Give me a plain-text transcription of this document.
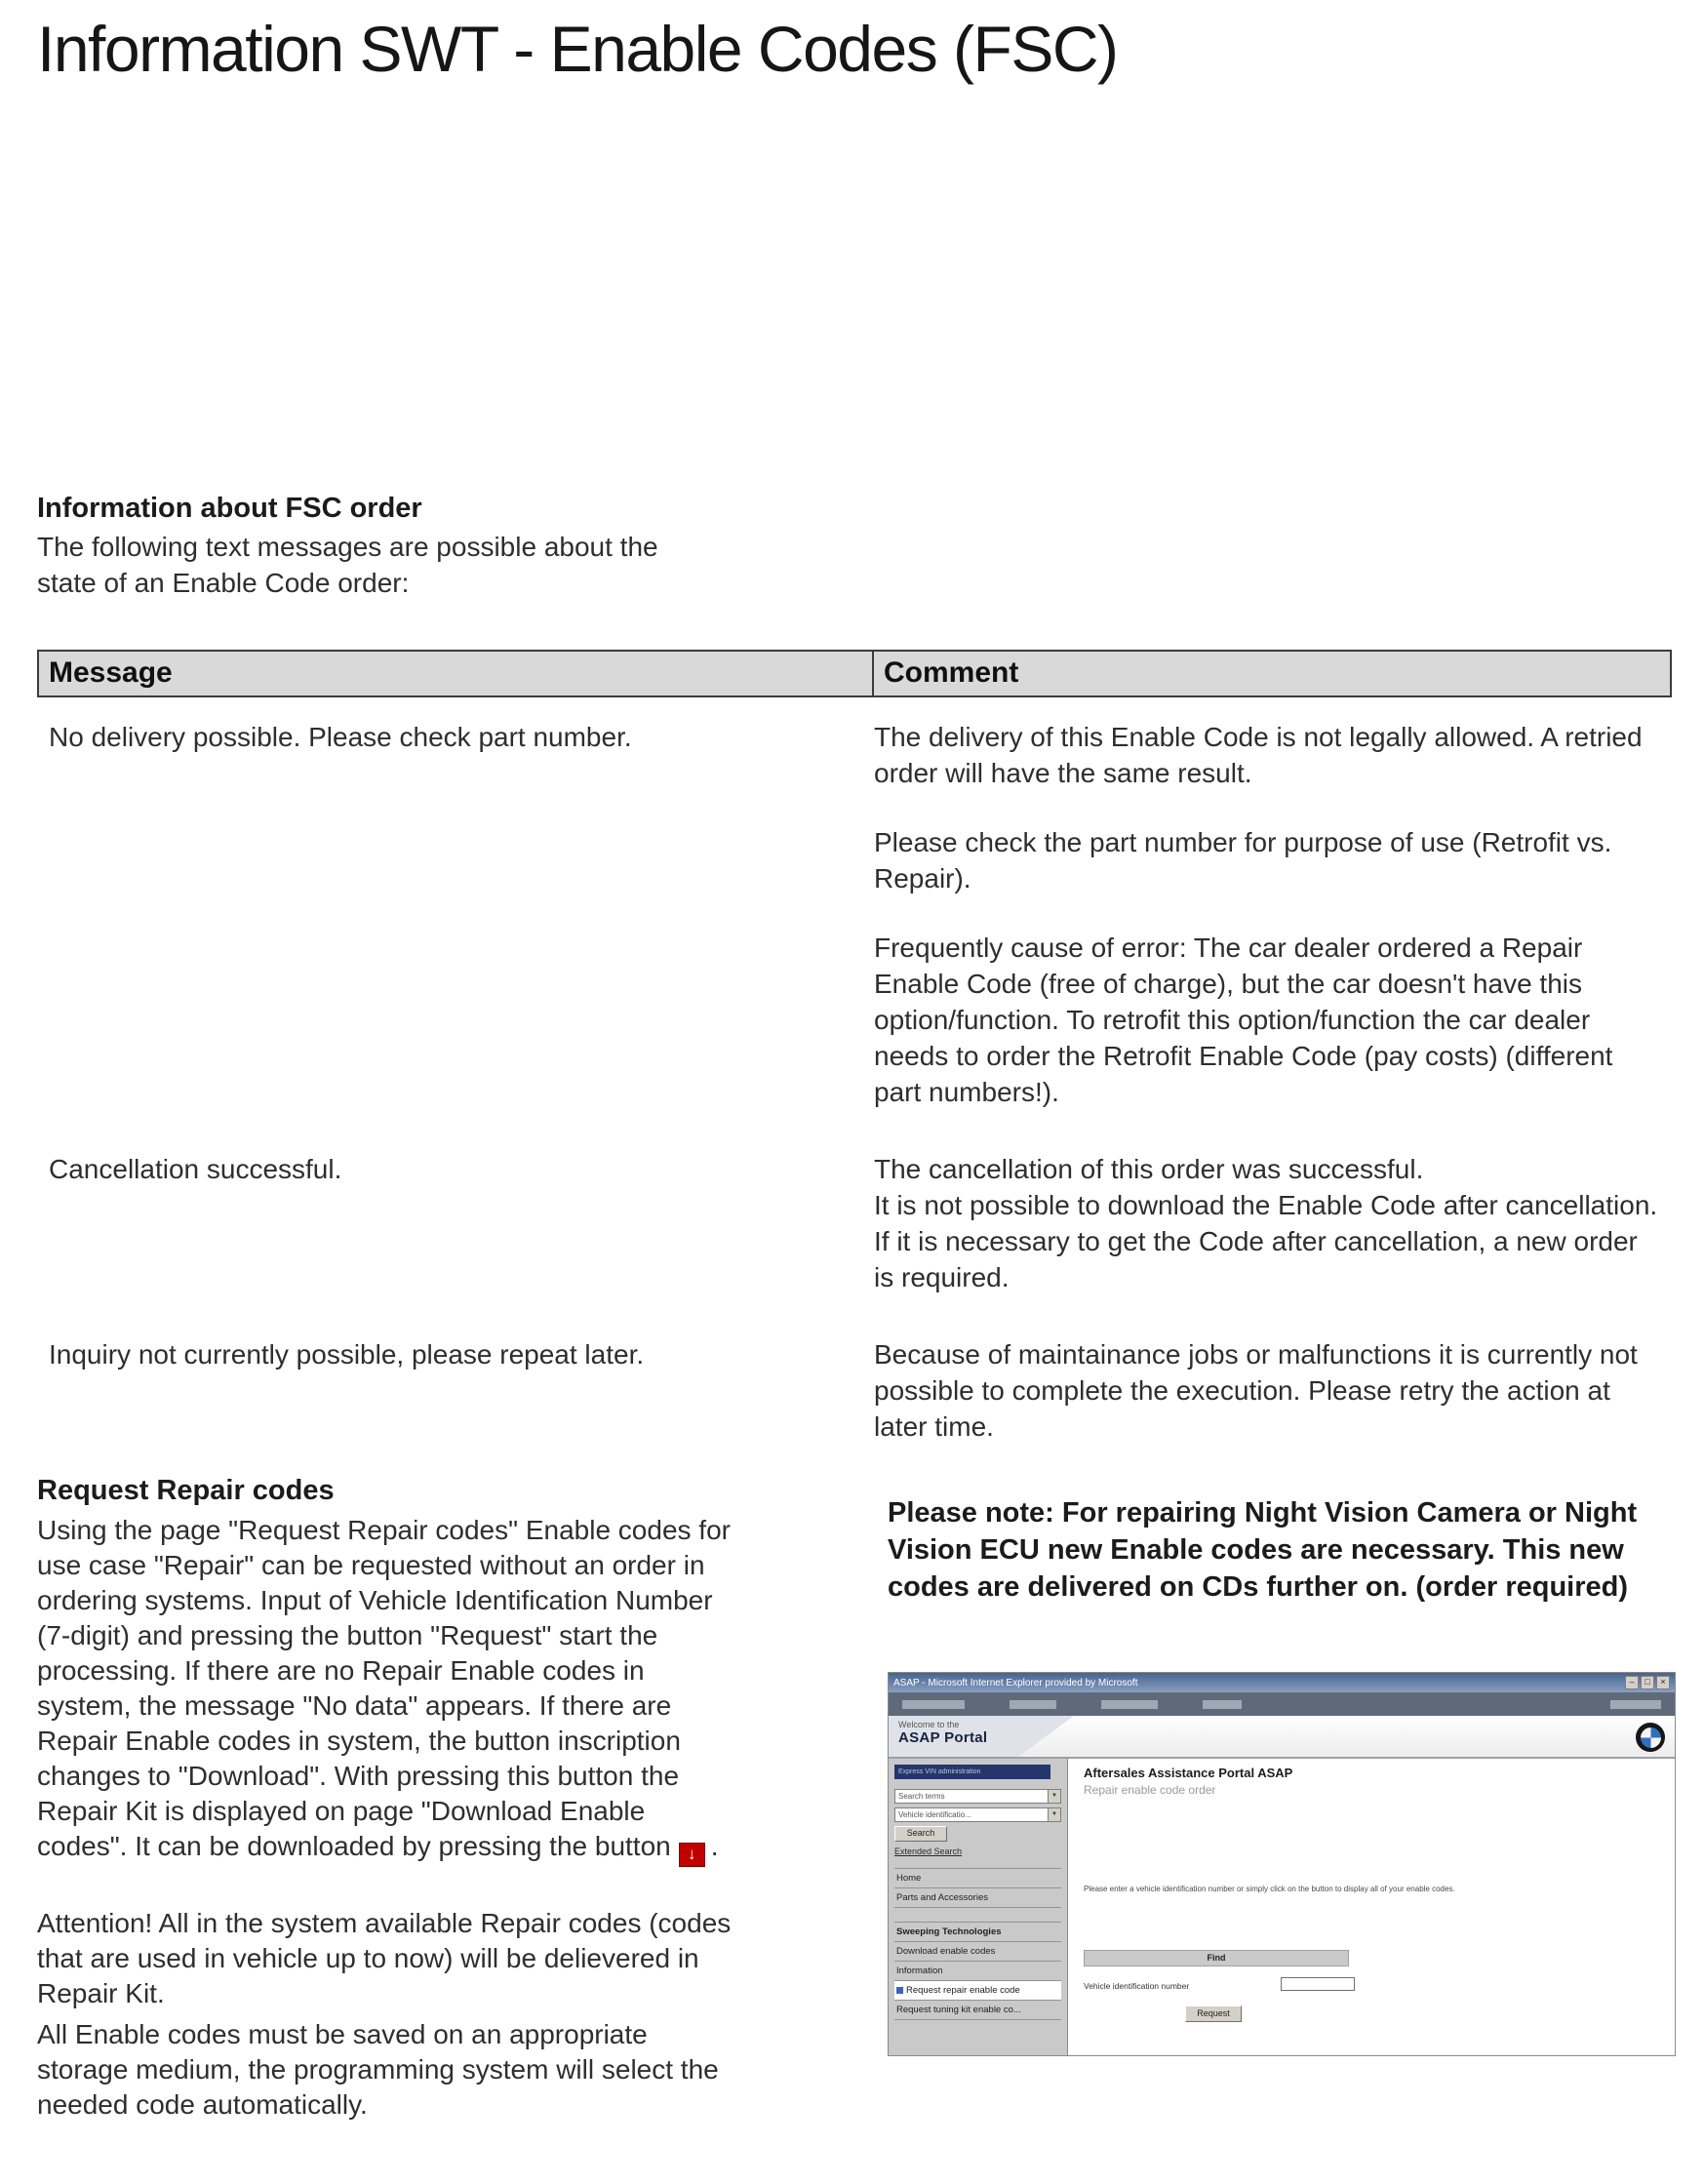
Information SWT - Enable Codes (FSC)
Information about FSC order

The following text messages are possible about the state of an Enable Code order:

Message	Comment
No delivery possible. Please check part number.	The delivery of this Enable Code is not legally allowed. A retried order will have the same result.

Please check the part number for purpose of use (Retrofit vs. Repair).

Frequently cause of error: The car dealer ordered a Repair Enable Code (free of charge), but the car doesn't have this option/function. To retrofit this option/function the car dealer needs to order the Retrofit Enable Code (pay costs) (different part numbers!).

Cancellation successful.	The cancellation of this order was successful.

It is not possible to download the Enable Code after cancellation. If it is necessary to get the Code after cancellation, a new order is required.

Inquiry not currently possible, please repeat later.	Because of maintainance jobs or malfunctions it is currently not possible to complete the execution. Please retry the action at later time.

Request Repair codes

Using the page "Request Repair codes" Enable codes for use case "Repair" can be requested without an order in ordering systems. Input of Vehicle Identification Number (7-digit) and pressing the button "Request" start the processing. If there are no Repair Enable codes in system, the message "No data" appears. If there are Repair Enable codes in system, the button inscription changes to "Download". With pressing this button the Repair Kit is displayed on page "Download Enable codes". It can be downloaded by pressing the button ↓ .

Attention! All in the system available Repair codes (codes that are used in vehicle up to now) will be delievered in Repair Kit.

All Enable codes must be saved on an appropriate storage medium, the programming system will select the needed code automatically.

Please note: For repairing Night Vision Camera or Night Vision ECU new Enable codes are necessary. This new codes are delivered on CDs further on. (order required)
ASAP - Microsoft Internet Explorer provided by Microsoft	–	□	×
Welcome to the
ASAP Portal
Express VIN administration
Search terms	▼
Vehicle identificatio...	▼
Search
Extended Search
Home
Parts and Accessories
Sweeping Technologies
Download enable codes
Information
Request repair enable code
Request tuning kit enable co...
Aftersales Assistance Portal ASAP
Repair enable code order
Please enter a vehicle identification number or simply click on the button to display all of your enable codes.
Find
Vehicle identification number
Request
